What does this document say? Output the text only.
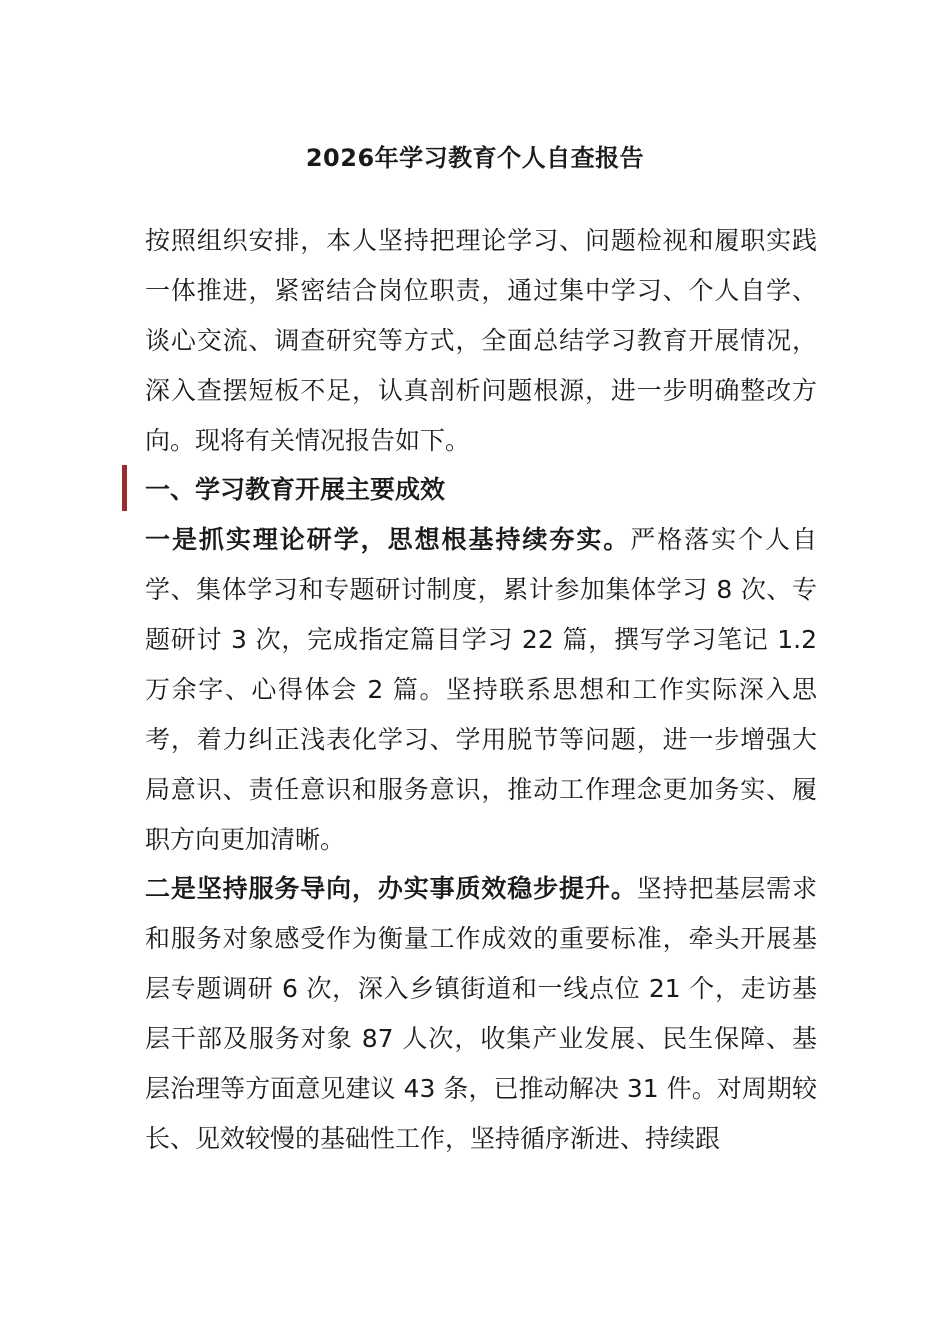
2026年学习教育个人自查报告

按照组织安排，本人坚持把理论学习、问题检视和履职实践一体推进，紧密结合岗位职责，通过集中学习、个人自学、谈心交流、调查研究等方式，全面总结学习教育开展情况，深入查摆短板不足，认真剖析问题根源，进一步明确整改方向。现将有关情况报告如下。

一、学习教育开展主要成效

一是抓实理论研学，思想根基持续夯实。严格落实个人自学、集体学习和专题研讨制度，累计参加集体学习 8 次、专题研讨 3 次，完成指定篇目学习 22 篇，撰写学习笔记 1.2 万余字、心得体会 2 篇。坚持联系思想和工作实际深入思考，着力纠正浅表化学习、学用脱节等问题，进一步增强大局意识、责任意识和服务意识，推动工作理念更加务实、履职方向更加清晰。

二是坚持服务导向，办实事质效稳步提升。坚持把基层需求和服务对象感受作为衡量工作成效的重要标准，牵头开展基层专题调研 6 次，深入乡镇街道和一线点位 21 个，走访基层干部及服务对象 87 人次，收集产业发展、民生保障、基层治理等方面意见建议 43 条，已推动解决 31 件。对周期较长、见效较慢的基础性工作，坚持循序渐进、持续跟
